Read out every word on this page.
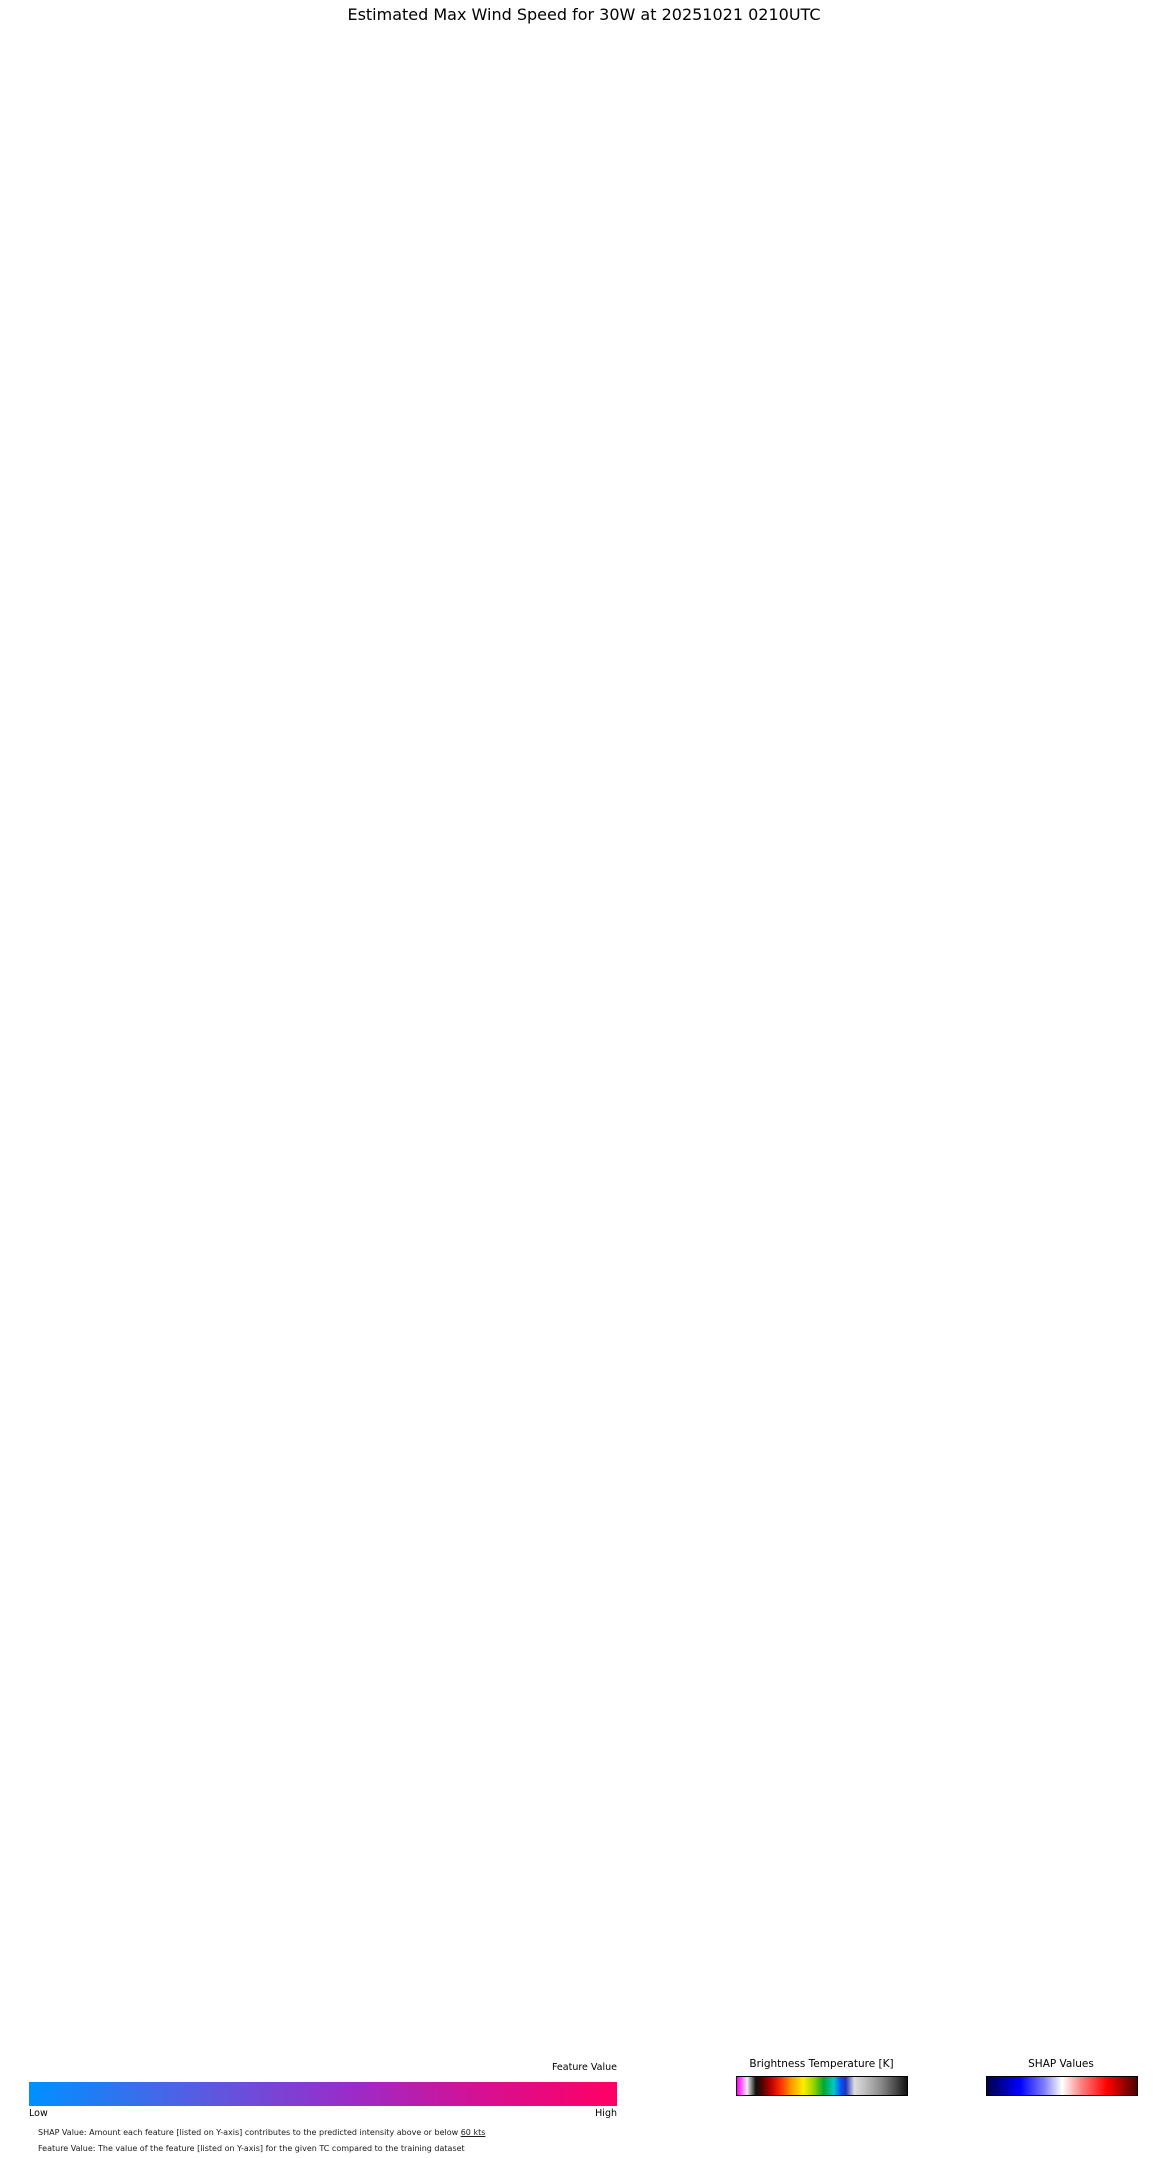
Estimated Max Wind Speed for 30W at 20251021 0210UTC
Feature Value
Low	High
SHAP Value: Amount each feature [listed on Y-axis] contributes to the predicted intensity above or below 60 kts
Feature Value: The value of the feature [listed on Y-axis] for the given TC compared to the training dataset
Brightness Temperature [K]	SHAP Values
